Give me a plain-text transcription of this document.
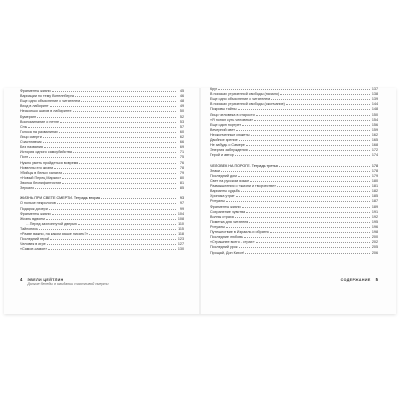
Фрагменты жизни	45
Вариации по тему Вителнберга	46
Еще одно объяснение с читателем	48
Вход в лабиринт	49
Несколько шагов в лабиринте	50
Бумеранг	52
Воспоминание о петле	53
Сны	57
Голоса на развалинах	60
Лицо смерти	62
Счастливчик	66
Без названия	69
История одного самоубийства	71
Поэт	75
Нужно уметь пройдеться вовремя	76
Новеллы его жизни	78
Убийцы в белых халатах	79
«Новый Перец Маркио»	80
Звонка безнифантистие	81
Зеркало	85
ЖИЗНЬ ПРИ СВЕТЕ СМЕРТИ. Тетрадь вторая	93
О пользе некрологов	97
Подарок дочери	99
Фрагменты жизни	104
Жизнь вдвоем	108
…Перед захлопнутой дверью	110
Тайнопись	115
«Разве важно, на каком языке писать?»	118
Последний герой	123
Человек в игре	127
«Самое-самое»	130
4 ЭВЕЛИ ЦЕЙТЛИН
Долгие беседы в ожидании счастливой смерти
Круг	137
В поисках утраченной свободы (начало)	138
Еще одно объяснение с читателем	139
В поисках утраченной свободы (окончание)	144
Покровы тайны	148
Лицо человека в старости	150
«Я понял суть человека»	154
Еще один портрет	156
Вечерний свет	159
Неоконченные сюжеты	162
Двойное зрение	165
Не забудь о Самере	168
Энергия заблуждения	172
Герой и автор	174
ЧЕЛОВЕК НА ПОРОГЕ. Тетрадь третья	178
Знаки	178
Последний дом	179
Свет на русском языке	180
Размышления о «жизни и творчестве»	181
Варианты судьбы	182
Хроника утрат	185
Ритуалы	187
Фрагменты жизни	189
Сохранение чувства	191
Волны страха	192
Пометка для читателя	195
Ритуалы	196
Путешествие в Израиль и обратно	198
Последние любовь	200
«Страшнее всего - страх»	202
Последний урок	205
Прощай, Дон Кихот!	206
СОДЕРЖАНИЕ 5
